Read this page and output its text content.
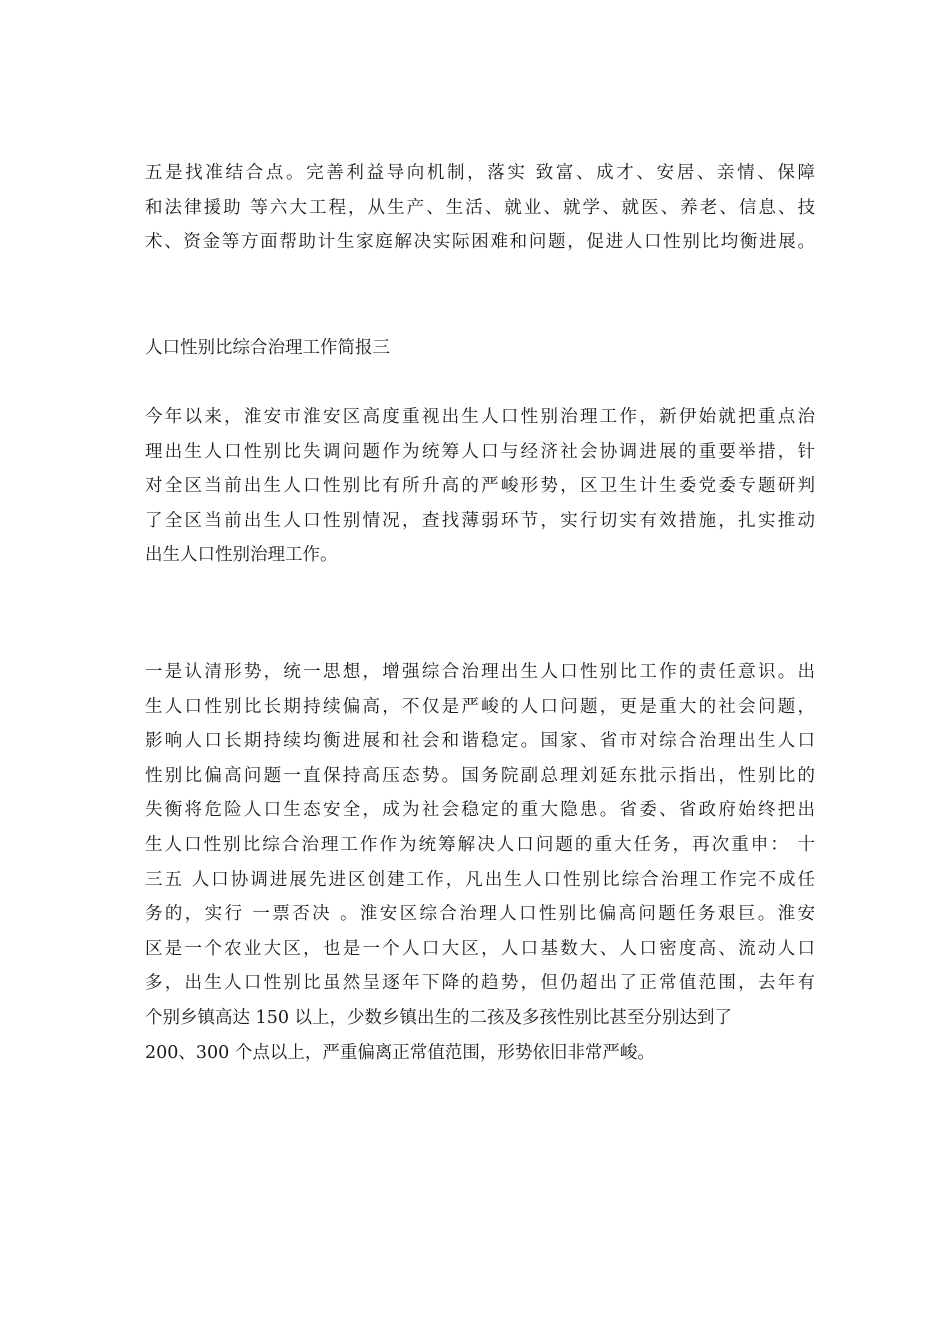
五是找准结合点。完善利益导向机制，落实 致富、成才、安居、亲情、保障
和法律援助 等六大工程，从生产、生活、就业、就学、就医、养老、信息、技
术、资金等方面帮助计生家庭解决实际困难和问题，促进人口性别比均衡进展。
人口性别比综合治理工作简报三
今年以来，淮安市淮安区高度重视出生人口性别治理工作，新伊始就把重点治
理出生人口性别比失调问题作为统筹人口与经济社会协调进展的重要举措，针
对全区当前出生人口性别比有所升高的严峻形势，区卫生计生委党委专题研判
了全区当前出生人口性别情况，查找薄弱环节，实行切实有效措施，扎实推动
出生人口性别治理工作。
一是认清形势，统一思想，增强综合治理出生人口性别比工作的责任意识。出
生人口性别比长期持续偏高，不仅是严峻的人口问题，更是重大的社会问题，
影响人口长期持续均衡进展和社会和谐稳定。国家、省市对综合治理出生人口
性别比偏高问题一直保持高压态势。国务院副总理刘延东批示指出，性别比的
失衡将危险人口生态安全，成为社会稳定的重大隐患。省委、省政府始终把出
生人口性别比综合治理工作作为统筹解决人口问题的重大任务，再次重申： 十
三五 人口协调进展先进区创建工作，凡出生人口性别比综合治理工作完不成任
务的，实行 一票否决 。淮安区综合治理人口性别比偏高问题任务艰巨。淮安
区是一个农业大区，也是一个人口大区，人口基数大、人口密度高、流动人口
多，出生人口性别比虽然呈逐年下降的趋势，但仍超出了正常值范围，去年有
个别乡镇高达 150 以上，少数乡镇出生的二孩及多孩性别比甚至分别达到了
200、300 个点以上，严重偏离正常值范围，形势依旧非常严峻。
